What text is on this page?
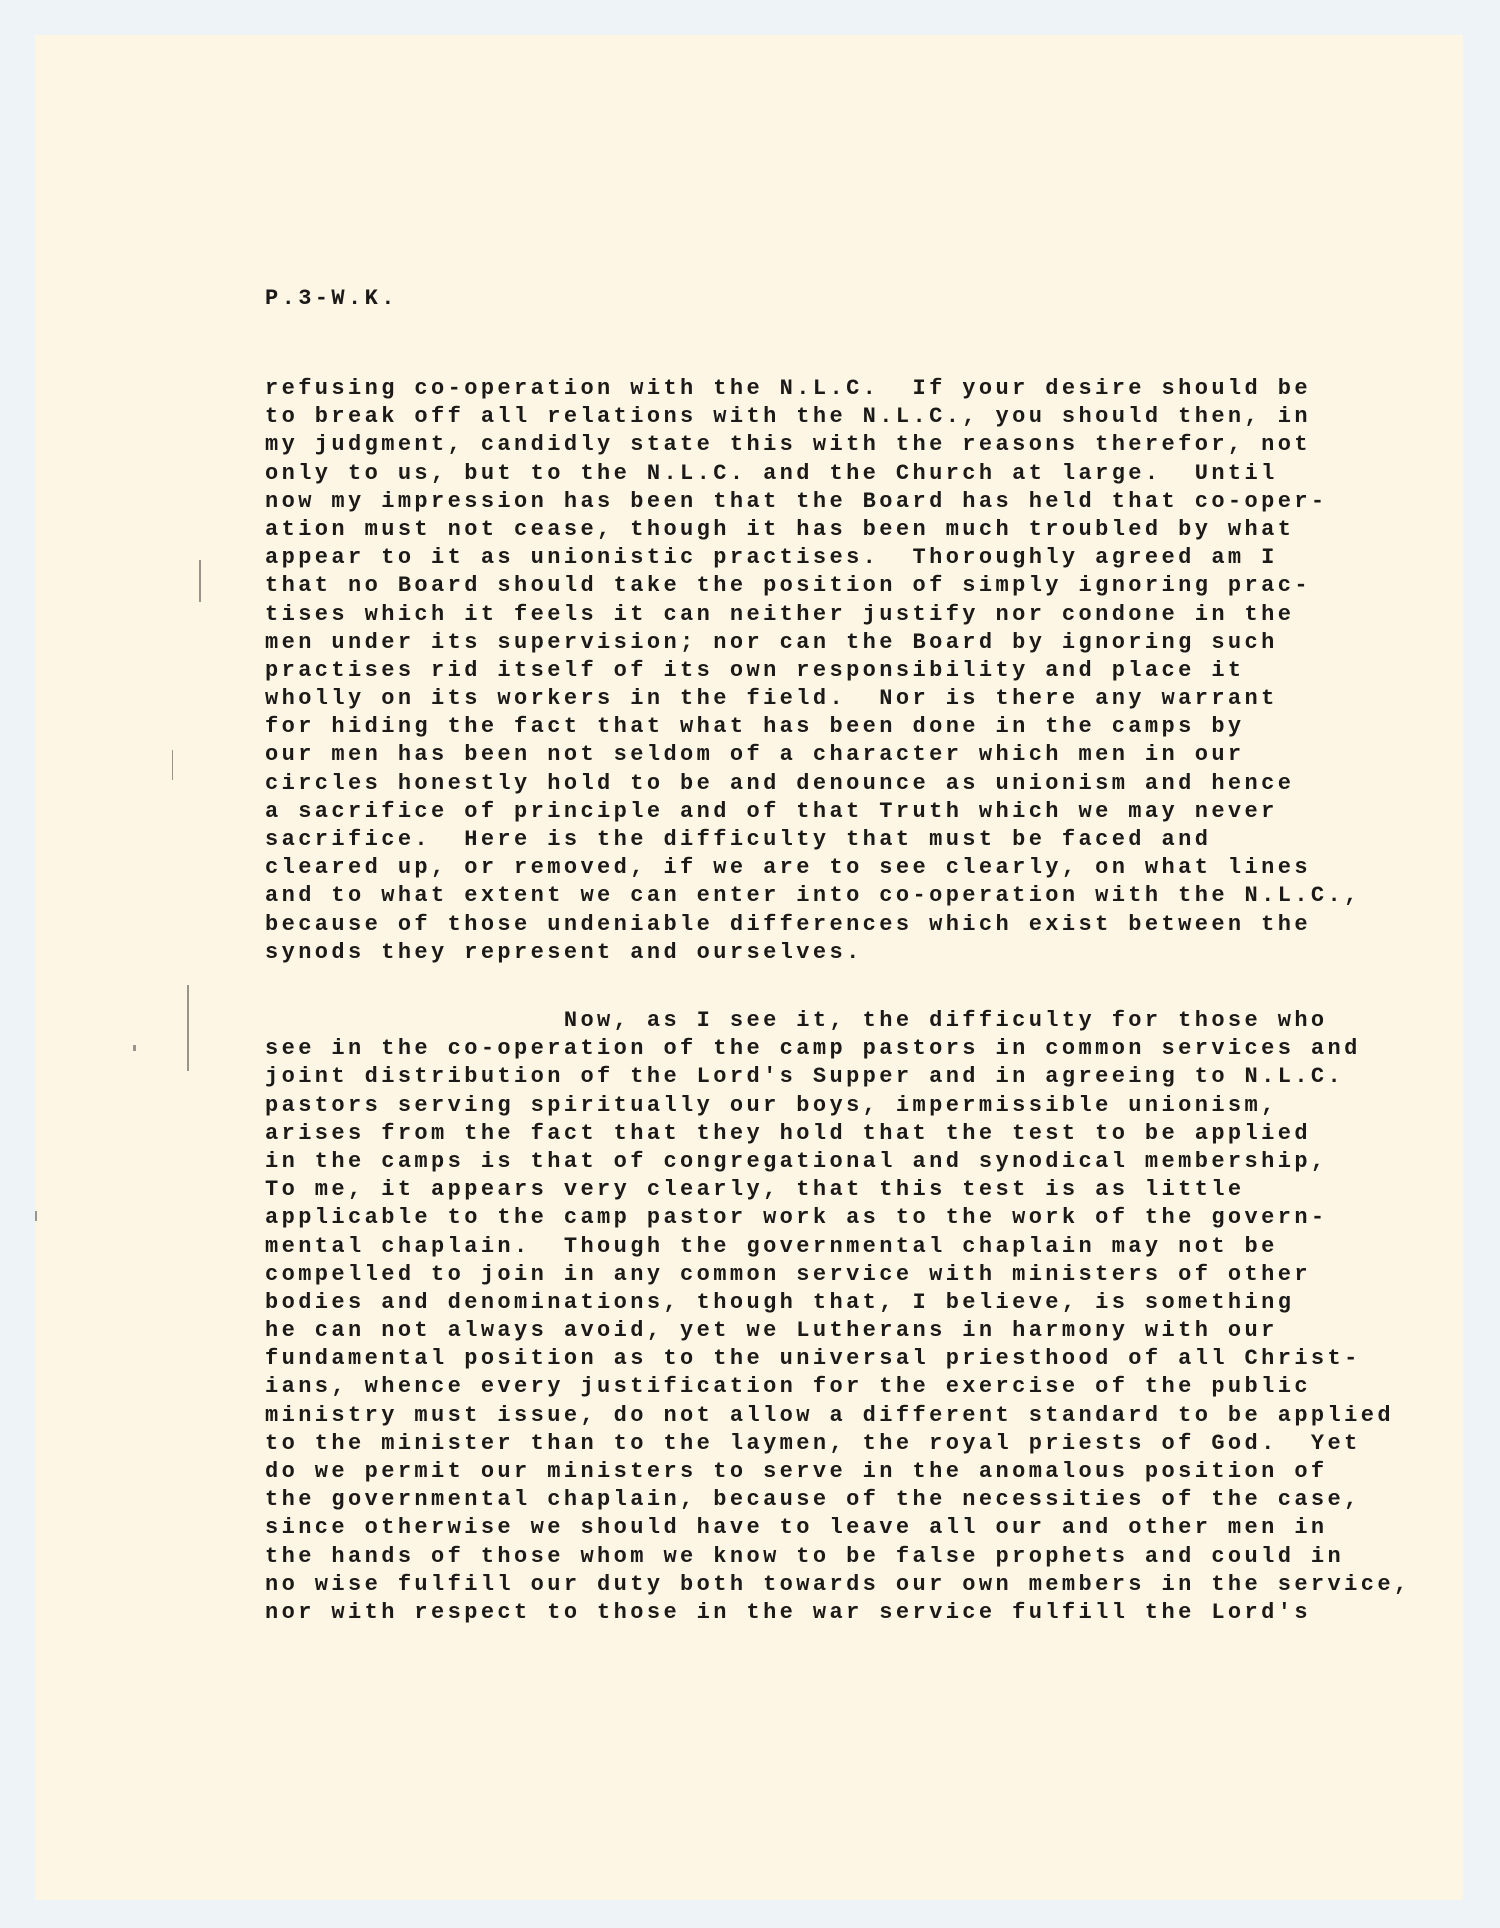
P.3-W.K.
refusing co-operation with the N.L.C.  If your desire should be
to break off all relations with the N.L.C., you should then, in
my judgment, candidly state this with the reasons therefor, not
only to us, but to the N.L.C. and the Church at large.  Until
now my impression has been that the Board has held that co-oper-
ation must not cease, though it has been much troubled by what
appear to it as unionistic practises.  Thoroughly agreed am I
that no Board should take the position of simply ignoring prac-
tises which it feels it can neither justify nor condone in the
men under its supervision; nor can the Board by ignoring such
practises rid itself of its own responsibility and place it
wholly on its workers in the field.  Nor is there any warrant
for hiding the fact that what has been done in the camps by
our men has been not seldom of a character which men in our
circles honestly hold to be and denounce as unionism and hence
a sacrifice of principle and of that Truth which we may never
sacrifice.  Here is the difficulty that must be faced and
cleared up, or removed, if we are to see clearly, on what lines
and to what extent we can enter into co-operation with the N.L.C.,
because of those undeniable differences which exist between the
synods they represent and ourselves.
Now, as I see it, the difficulty for those who
see in the co-operation of the camp pastors in common services and
joint distribution of the Lord's Supper and in agreeing to N.L.C.
pastors serving spiritually our boys, impermissible unionism,
arises from the fact that they hold that the test to be applied
in the camps is that of congregational and synodical membership,
To me, it appears very clearly, that this test is as little
applicable to the camp pastor work as to the work of the govern-
mental chaplain.  Though the governmental chaplain may not be
compelled to join in any common service with ministers of other
bodies and denominations, though that, I believe, is something
he can not always avoid, yet we Lutherans in harmony with our
fundamental position as to the universal priesthood of all Christ-
ians, whence every justification for the exercise of the public
ministry must issue, do not allow a different standard to be applied
to the minister than to the laymen, the royal priests of God.  Yet
do we permit our ministers to serve in the anomalous position of
the governmental chaplain, because of the necessities of the case,
since otherwise we should have to leave all our and other men in
the hands of those whom we know to be false prophets and could in
no wise fulfill our duty both towards our own members in the service,
nor with respect to those in the war service fulfill the Lord's
